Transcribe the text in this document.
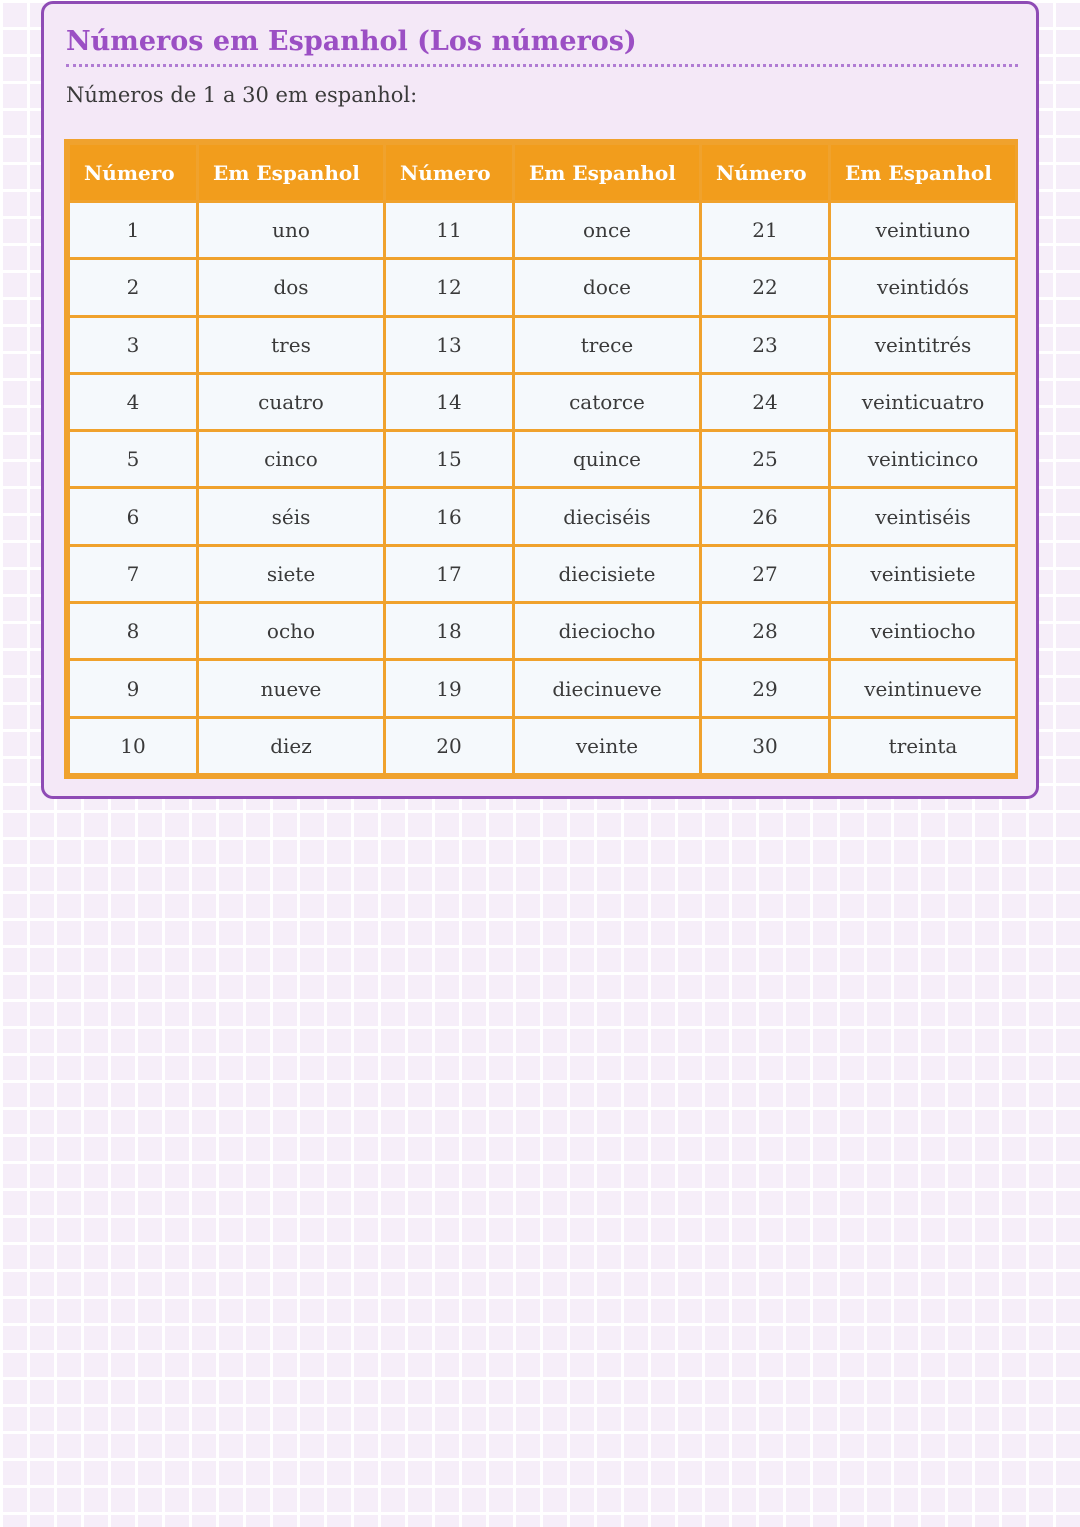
Números em Espanhol (Los números)

Números de 1 a 30 em espanhol:

Número	Em Espanhol	Número	Em Espanhol	Número	Em Espanhol
1	uno	11	once	21	veintiuno
2	dos	12	doce	22	veintidós
3	tres	13	trece	23	veintitrés
4	cuatro	14	catorce	24	veinticuatro
5	cinco	15	quince	25	veinticinco
6	séis	16	dieciséis	26	veintiséis
7	siete	17	diecisiete	27	veintisiete
8	ocho	18	dieciocho	28	veintiocho
9	nueve	19	diecinueve	29	veintinueve
10	diez	20	veinte	30	treinta
